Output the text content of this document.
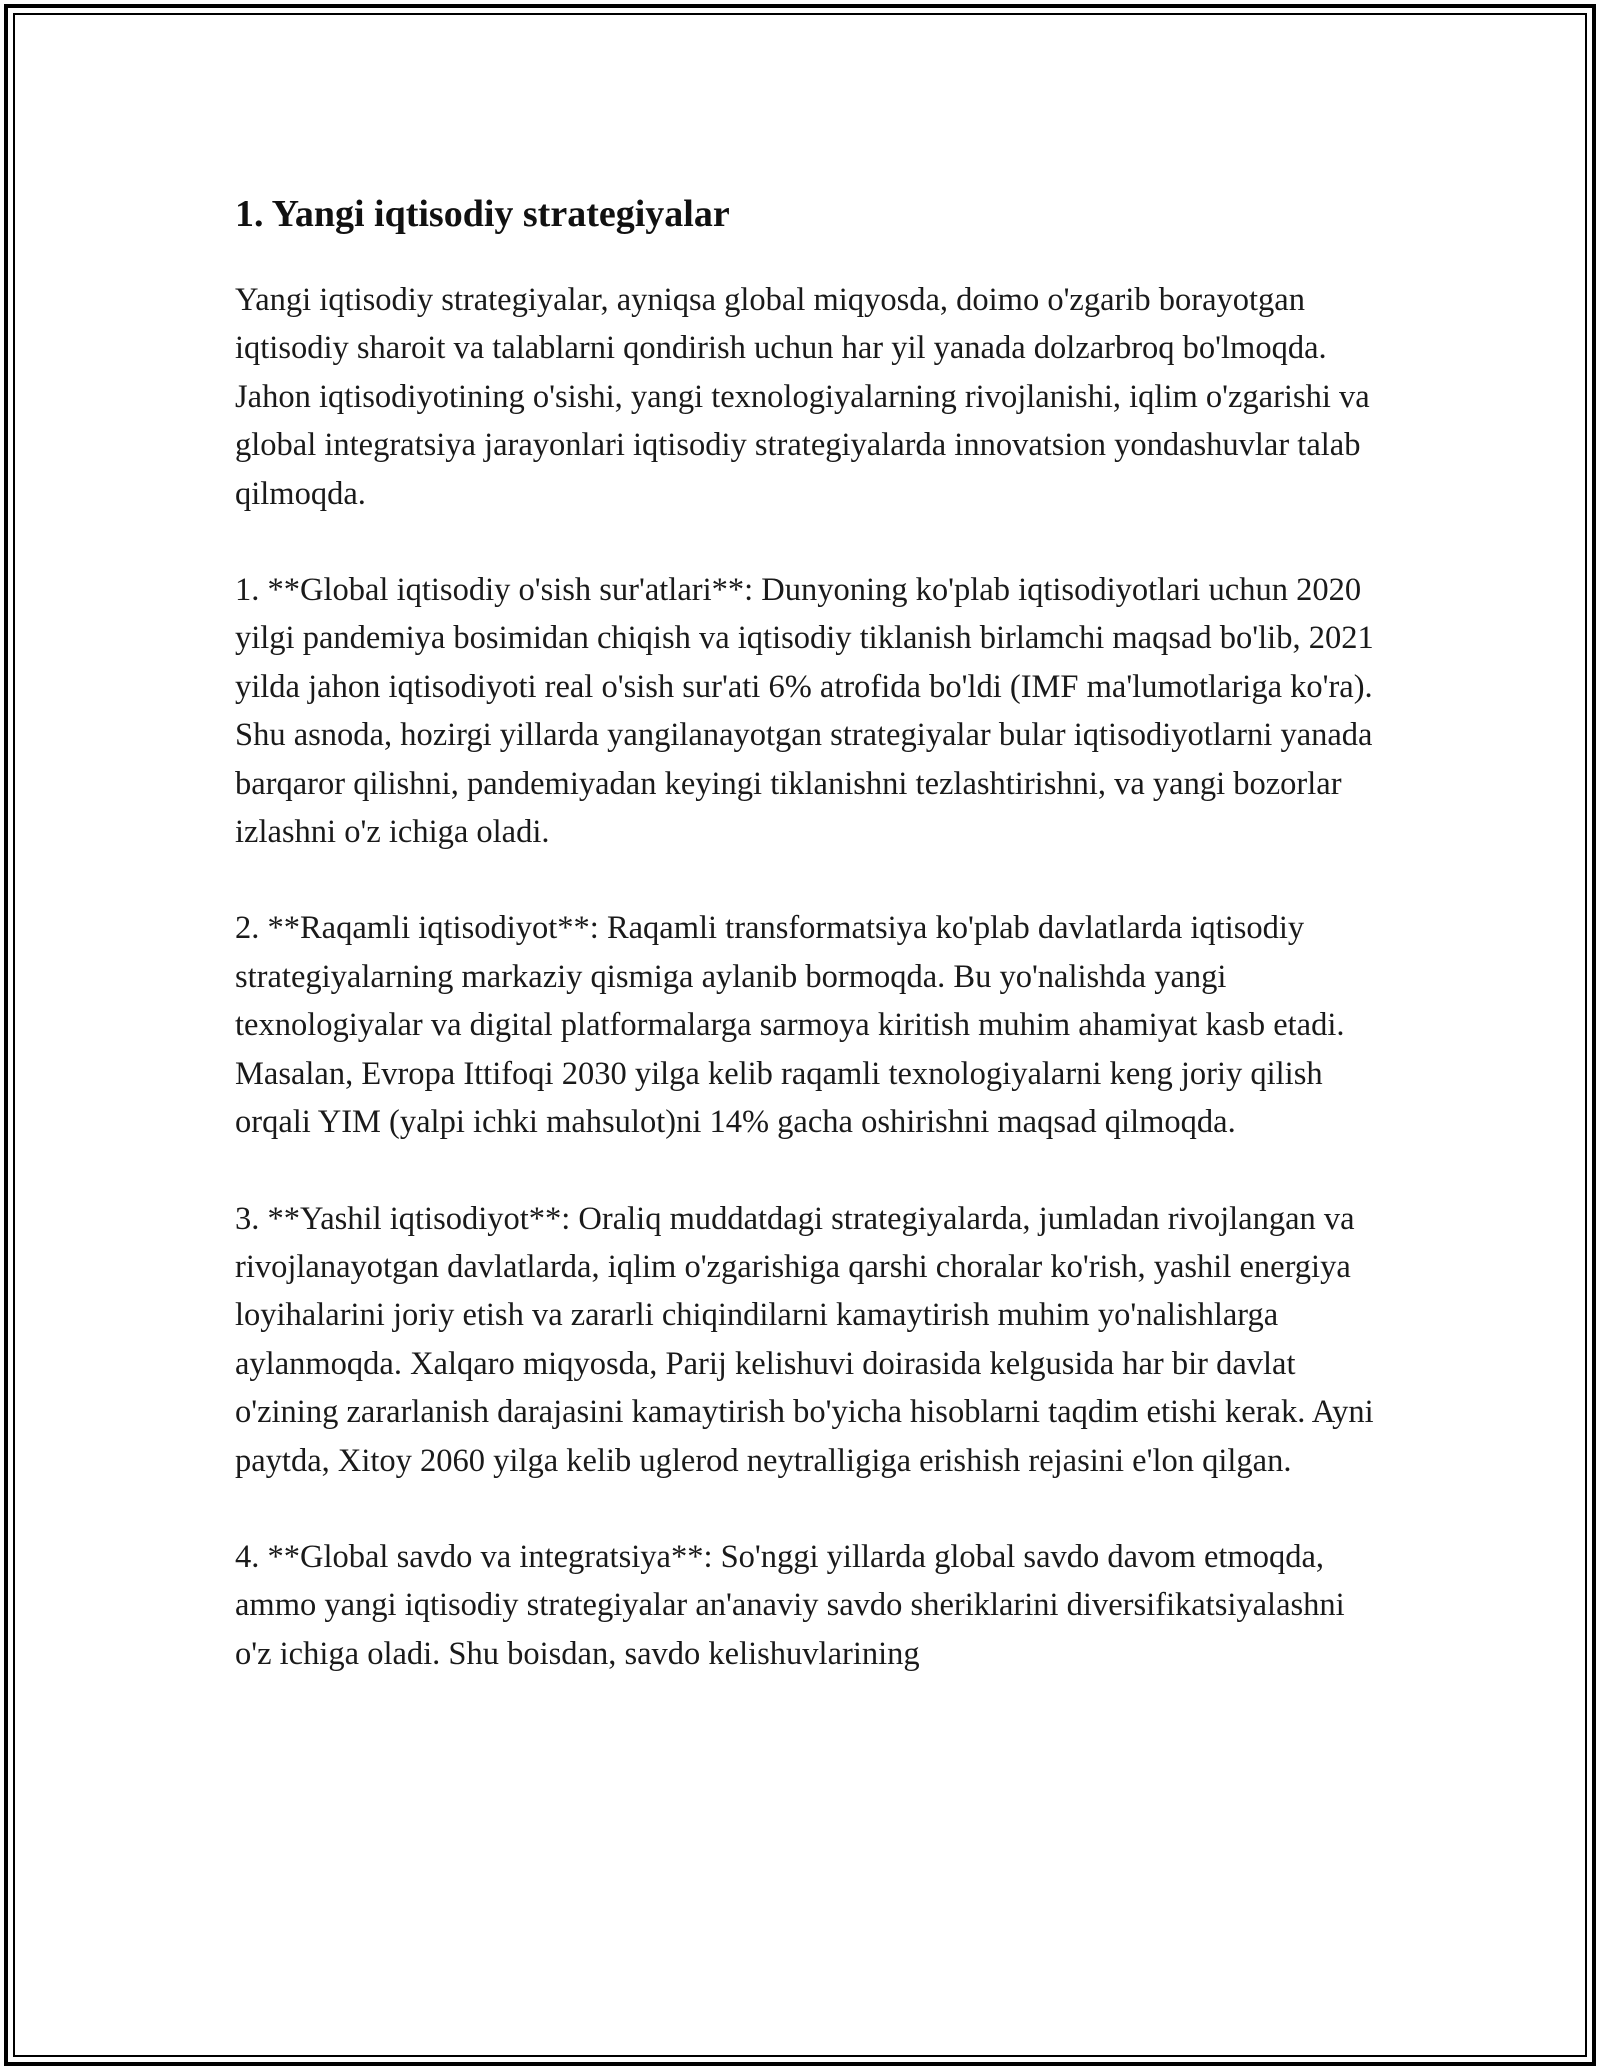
1. Yangi iqtisodiy strategiyalar

Yangi iqtisodiy strategiyalar, ayniqsa global miqyosda, doimo o'zgarib borayotgan iqtisodiy sharoit va talablarni qondirish uchun har yil yanada dolzarbroq bo'lmoqda. Jahon iqtisodiyotining o'sishi, yangi texnologiyalarning rivojlanishi, iqlim o'zgarishi va global integratsiya jarayonlari iqtisodiy strategiyalarda innovatsion yondashuvlar talab qilmoqda.

1. **Global iqtisodiy o'sish sur'atlari**: Dunyoning ko'plab iqtisodiyotlari uchun 2020 yilgi pandemiya bosimidan chiqish va iqtisodiy tiklanish birlamchi maqsad bo'lib, 2021 yilda jahon iqtisodiyoti real o'sish sur'ati 6% atrofida bo'ldi (IMF ma'lumotlariga ko'ra). Shu asnoda, hozirgi yillarda yangilanayotgan strategiyalar bular iqtisodiyotlarni yanada barqaror qilishni, pandemiyadan keyingi tiklanishni tezlashtirishni, va yangi bozorlar izlashni o'z ichiga oladi.

2. **Raqamli iqtisodiyot**: Raqamli transformatsiya ko'plab davlatlarda iqtisodiy strategiyalarning markaziy qismiga aylanib bormoqda. Bu yo'nalishda yangi texnologiyalar va digital platformalarga sarmoya kiritish muhim ahamiyat kasb etadi. Masalan, Evropa Ittifoqi 2030 yilga kelib raqamli texnologiyalarni keng joriy qilish orqali YIM (yalpi ichki mahsulot)ni 14% gacha oshirishni maqsad qilmoqda.

3. **Yashil iqtisodiyot**: Oraliq muddatdagi strategiyalarda, jumladan rivojlangan va rivojlanayotgan davlatlarda, iqlim o'zgarishiga qarshi choralar ko'rish, yashil energiya loyihalarini joriy etish va zararli chiqindilarni kamaytirish muhim yo'nalishlarga aylanmoqda. Xalqaro miqyosda, Parij kelishuvi doirasida kelgusida har bir davlat o'zining zararlanish darajasini kamaytirish bo'yicha hisoblarni taqdim etishi kerak. Ayni paytda, Xitoy 2060 yilga kelib uglerod neytralligiga erishish rejasini e'lon qilgan.

4. **Global savdo va integratsiya**: So'nggi yillarda global savdo davom etmoqda, ammo yangi iqtisodiy strategiyalar an'anaviy savdo sheriklarini diversifikatsiyalashni o'z ichiga oladi. Shu boisdan, savdo kelishuvlarining
